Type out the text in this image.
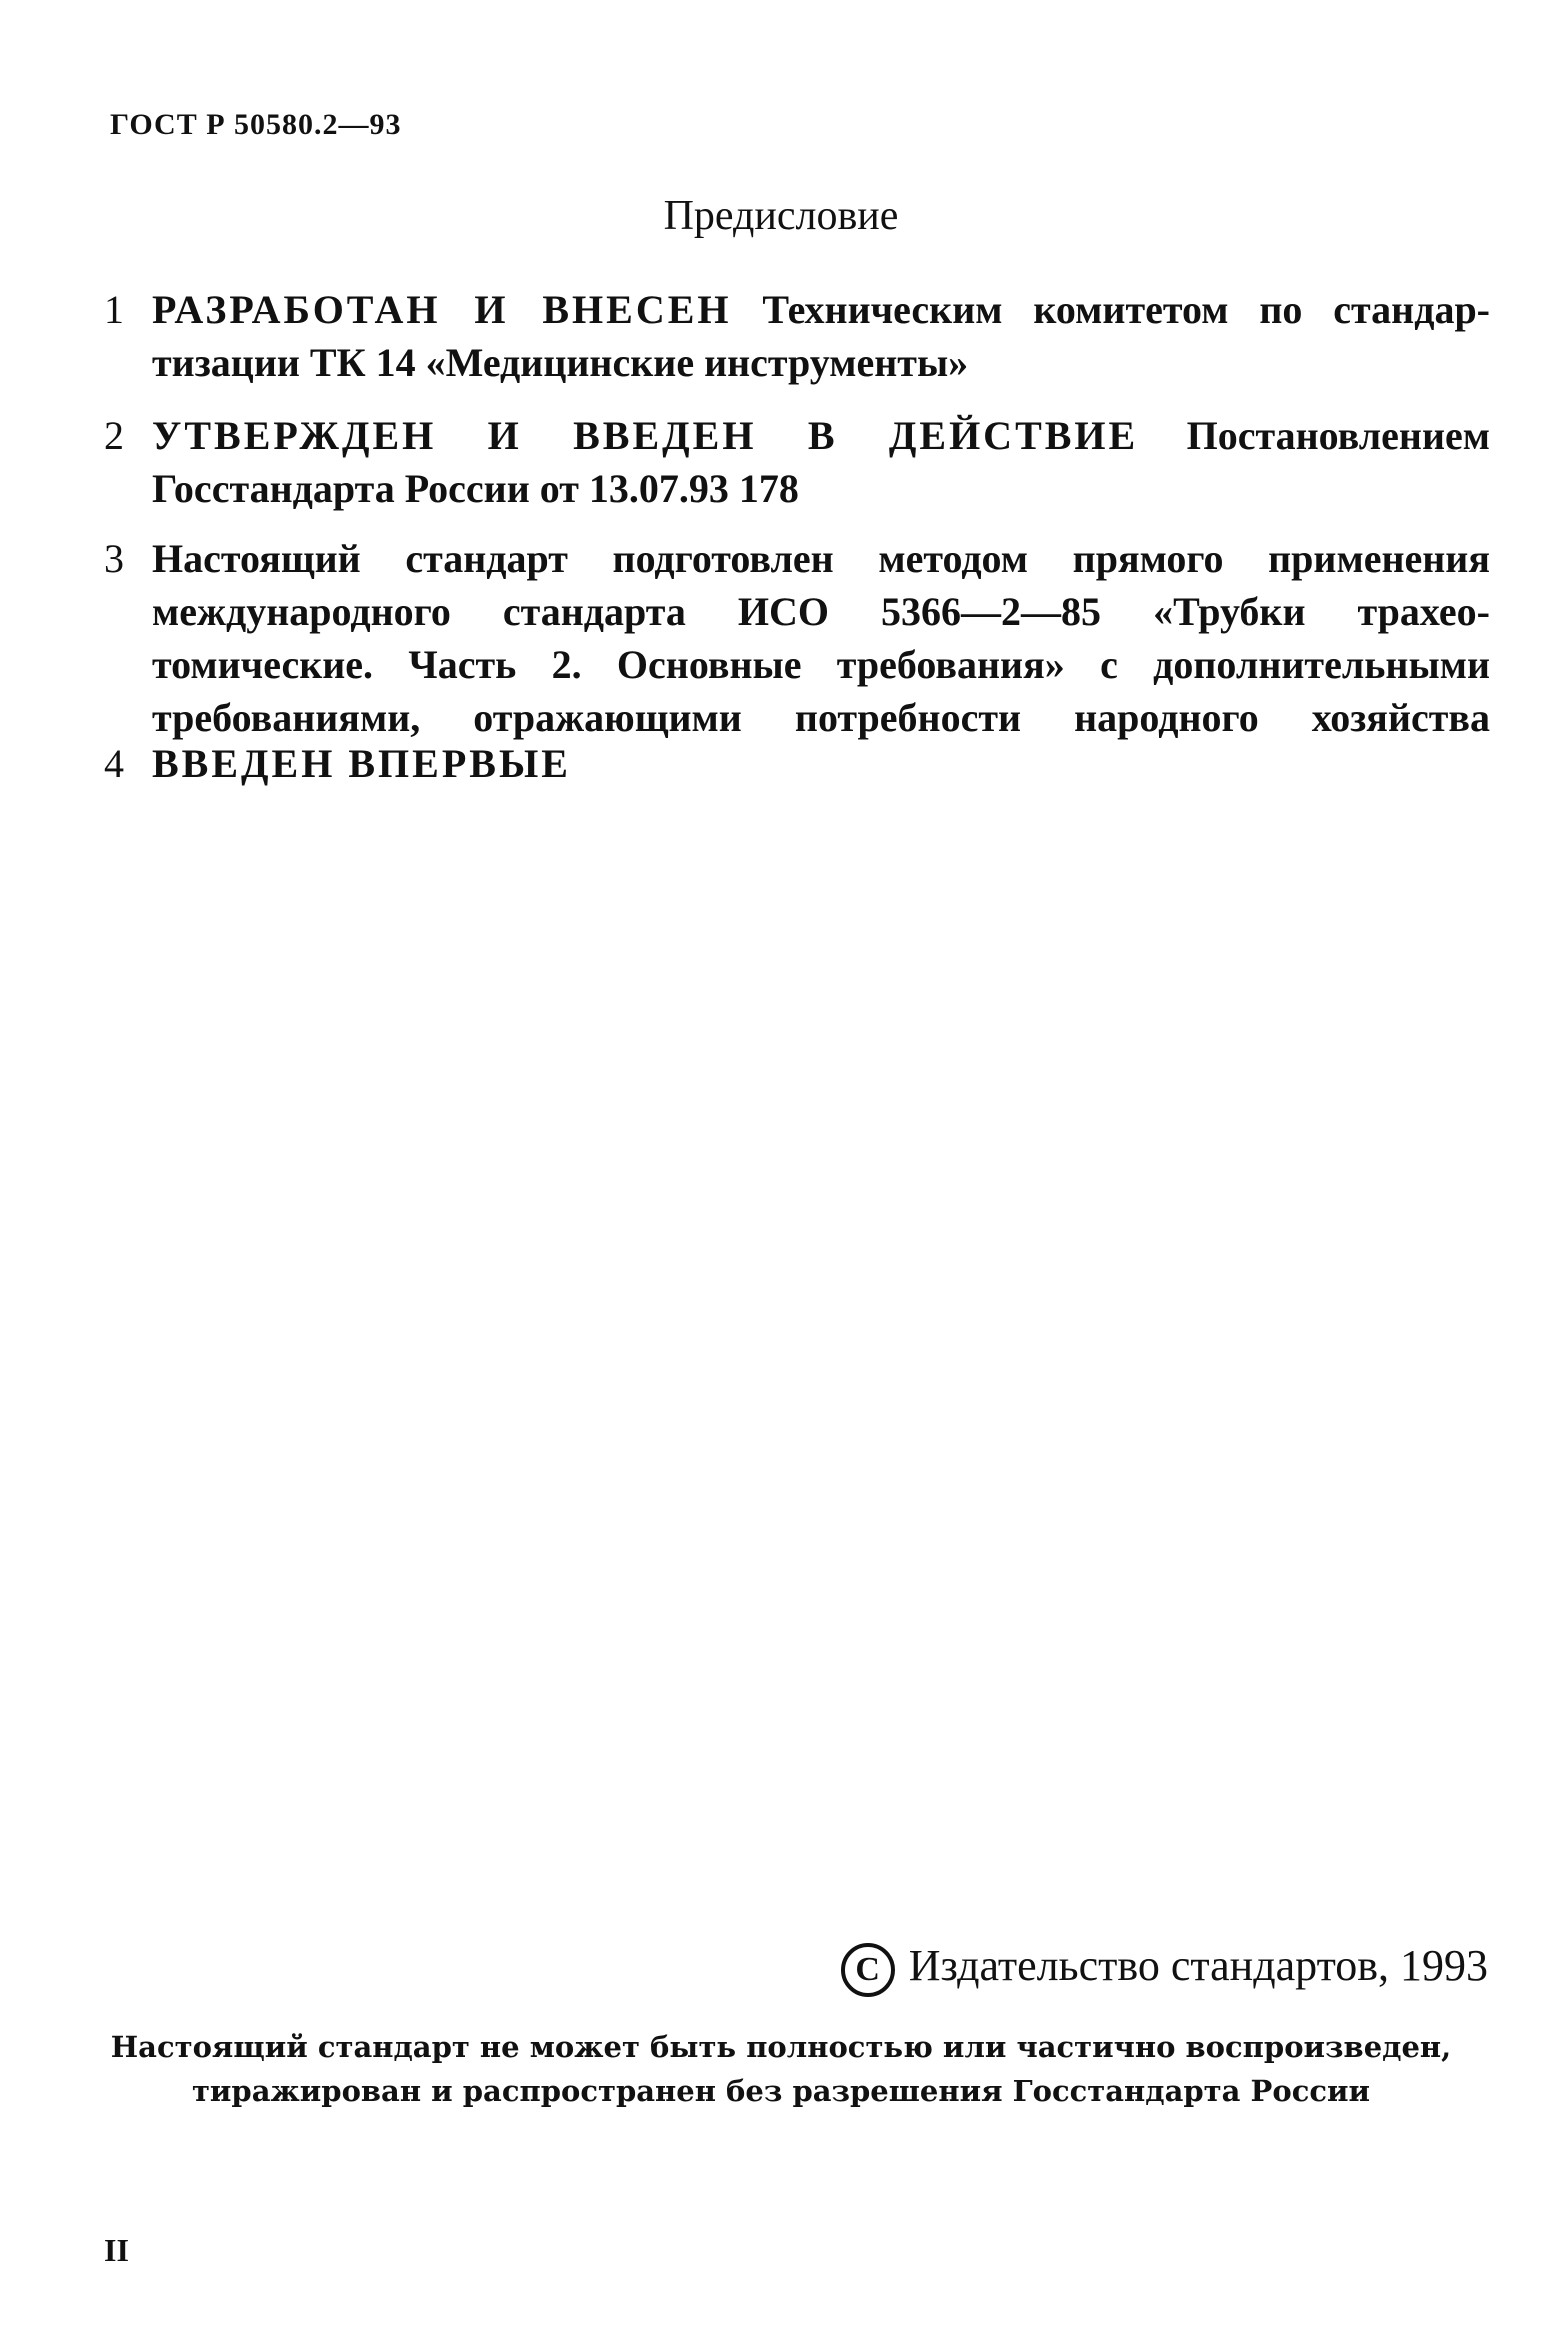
ГОСТ Р 50580.2—93
Предисловие
1 РАЗРАБОТАН И ВНЕСЕН Техническим комитетом по стандар-
тизации ТК 14 «Медицинские инструменты»
2 УТВЕРЖДЕН И ВВЕДЕН В ДЕЙСТВИЕ Постановлением
Госстандарта России от 13.07.93 178
3 Настоящий стандарт подготовлен методом прямого применения
международного стандарта ИСО 5366—2—85 «Трубки трахео-
томические. Часть 2. Основные требования» с дополнительными
требованиями, отражающими потребности народного хозяйства
4 ВВЕДЕН ВПЕРВЫЕ
С Издательство стандартов, 1993
Настоящий стандарт не может быть полностью или частично воспроизведен,
тиражирован и распространен без разрешения Госстандарта России
II
